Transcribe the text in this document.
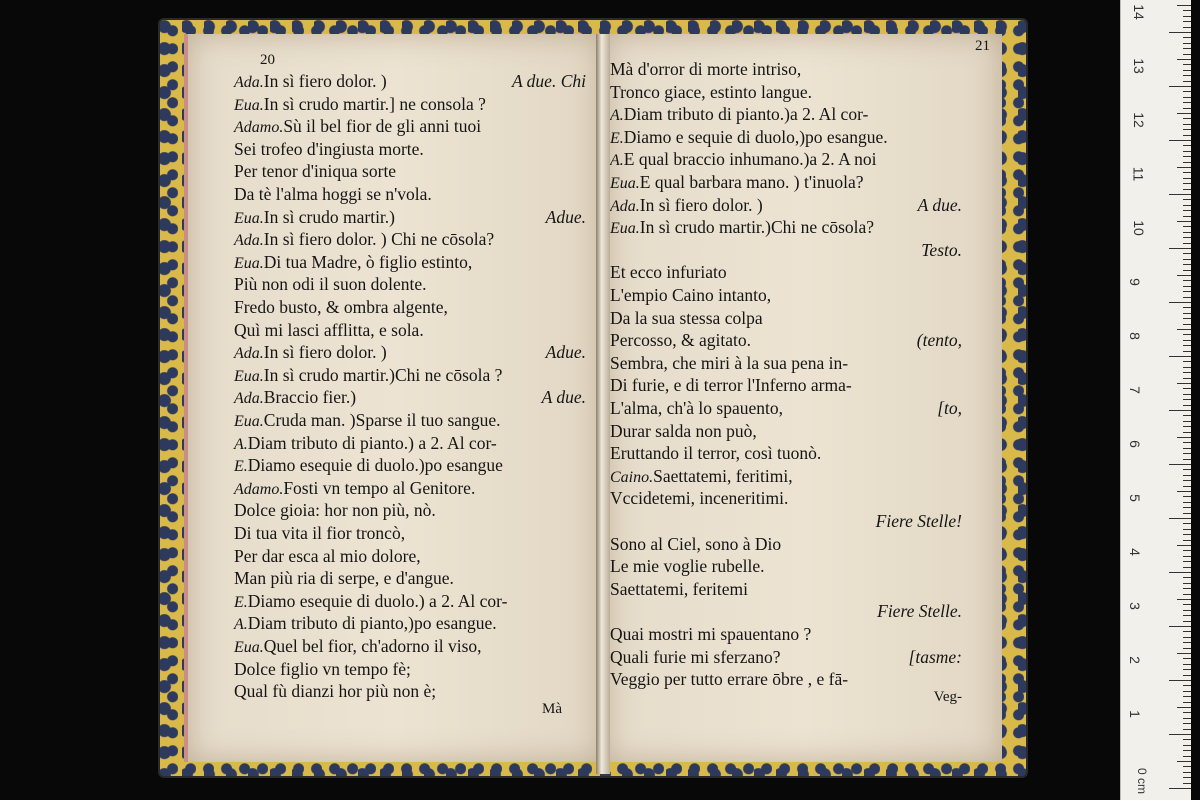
20
Ada.In sì fiero dolor. )	A due. Chi
Eua.In sì crudo martir.] ne consola ?
Adamo.Sù il bel fior de gli anni tuoi
Sei trofeo d'ingiusta morte.
Per tenor d'iniqua sorte
Da tè l'alma hoggi se n'vola.
Eua.In sì crudo martir.)	Adue.
Ada.In sì fiero dolor. ) Chi ne cōsola?
Eua.Di tua Madre, ò figlio estinto,
Più non odi il suon dolente.
Fredo busto, & ombra algente,
Quì mi lasci afflitta, e sola.
Ada.In sì fiero dolor. )	Adue.
Eua.In sì crudo martir.)Chi ne cōsola ?
Ada.Braccio fier.)	A due.
Eua.Cruda man. )Sparse il tuo sangue.
A.Diam tributo di pianto.) a 2. Al cor-
E.Diamo esequie di duolo.)po esangue
Adamo.Fosti vn tempo al Genitore.
Dolce gioia: hor non più, nò.
Di tua vita il fior troncò,
Per dar esca al mio dolore,
Man più ria di serpe, e d'angue.
E.Diamo esequie di duolo.) a 2. Al cor-
A.Diam tributo di pianto,)po esangue.
Eua.Quel bel fior, ch'adorno il viso,
Dolce figlio vn tempo fè;
Qual fù dianzi hor più non è;
Mà
21
Mà d'orror di morte intriso,
Tronco giace, estinto langue.
A.Diam tributo di pianto.)a 2. Al cor-
E.Diamo e sequie di duolo,)po esangue.
A.E qual braccio inhumano.)a 2. A noi
Eua.E qual barbara mano. ) t'inuola?
Ada.In sì fiero dolor. )	A due.
Eua.In sì crudo martir.)Chi ne cōsola?
Testo.
Et ecco infuriato
L'empio Caino intanto,
Da la sua stessa colpa
Percosso, & agitato.	(tento,
Sembra, che miri à la sua pena in-
Di furie, e di terror l'Inferno arma-
L'alma, ch'à lo spauento,	[to,
Durar salda non può,
Eruttando il terror, così tuonò.
Caino.Saettatemi, feritimi,
Vccidetemi, inceneritimi.
Fiere Stelle!
Sono al Ciel, sono à Dio
Le mie voglie rubelle.
Saettatemi, feritemi
Fiere Stelle.
Quai mostri mi spauentano ?
Quali furie mi sferzano?	[tasme:
Veggio per tutto errare ōbre , e fā-
Veg-
0 cm
14
13
12
11
10
9
8
7
6
5
4
3
2
1
